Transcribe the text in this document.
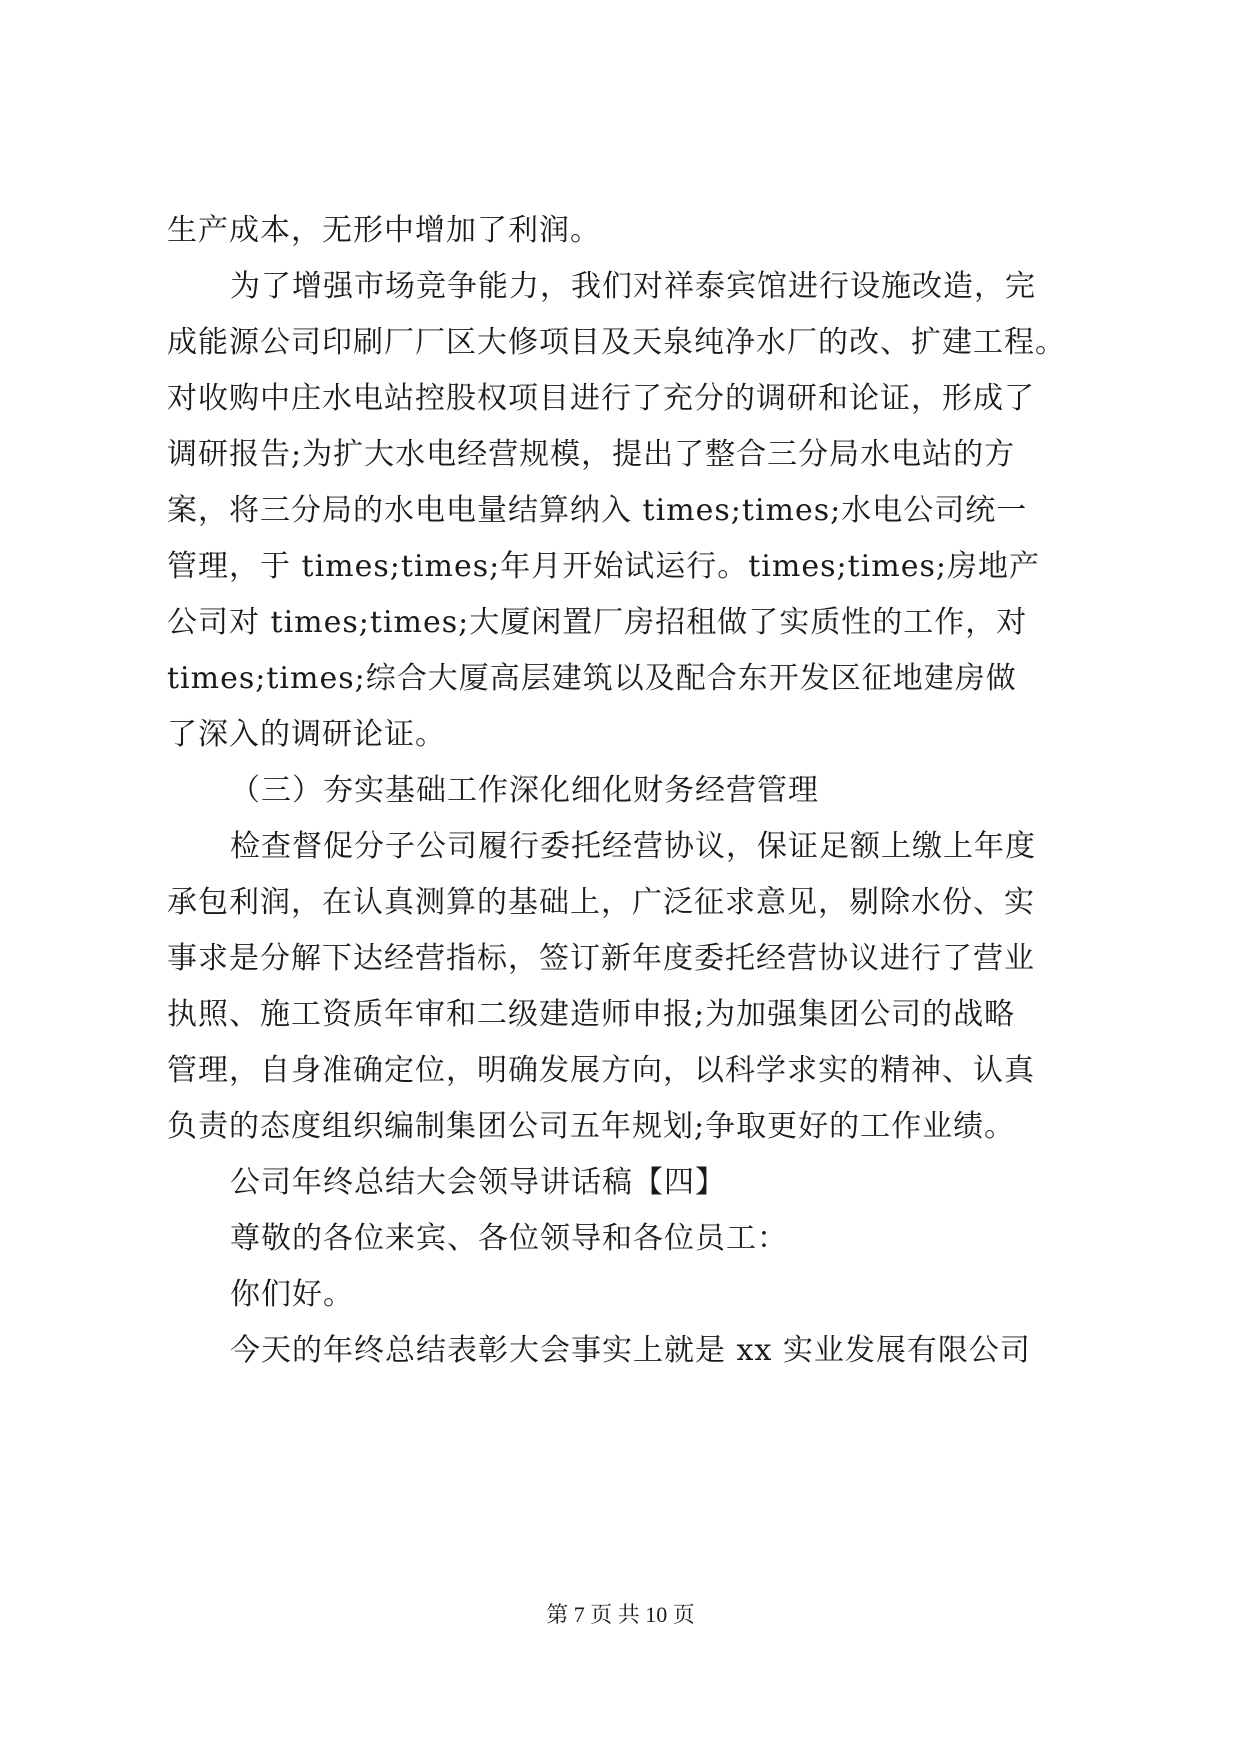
生产成本，无形中增加了利润。
为了增强市场竞争能力，我们对祥泰宾馆进行设施改造，完
成能源公司印刷厂厂区大修项目及天泉纯净水厂的改、扩建工程。
对收购中庄水电站控股权项目进行了充分的调研和论证，形成了
调研报告;为扩大水电经营规模，提出了整合三分局水电站的方
案，将三分局的水电电量结算纳入 times;times;水电公司统一
管理，于 times;times;年月开始试运行。times;times;房地产
公司对 times;times;大厦闲置厂房招租做了实质性的工作，对
times;times;综合大厦高层建筑以及配合东开发区征地建房做
了深入的调研论证。
（三）夯实基础工作深化细化财务经营管理
检查督促分子公司履行委托经营协议，保证足额上缴上年度
承包利润，在认真测算的基础上，广泛征求意见，剔除水份、实
事求是分解下达经营指标，签订新年度委托经营协议进行了营业
执照、施工资质年审和二级建造师申报;为加强集团公司的战略
管理，自身准确定位，明确发展方向，以科学求实的精神、认真
负责的态度组织编制集团公司五年规划;争取更好的工作业绩。
公司年终总结大会领导讲话稿【四】
尊敬的各位来宾、各位领导和各位员工：
你们好。
今天的年终总结表彰大会事实上就是 xx 实业发展有限公司
第 7 页 共 10 页
